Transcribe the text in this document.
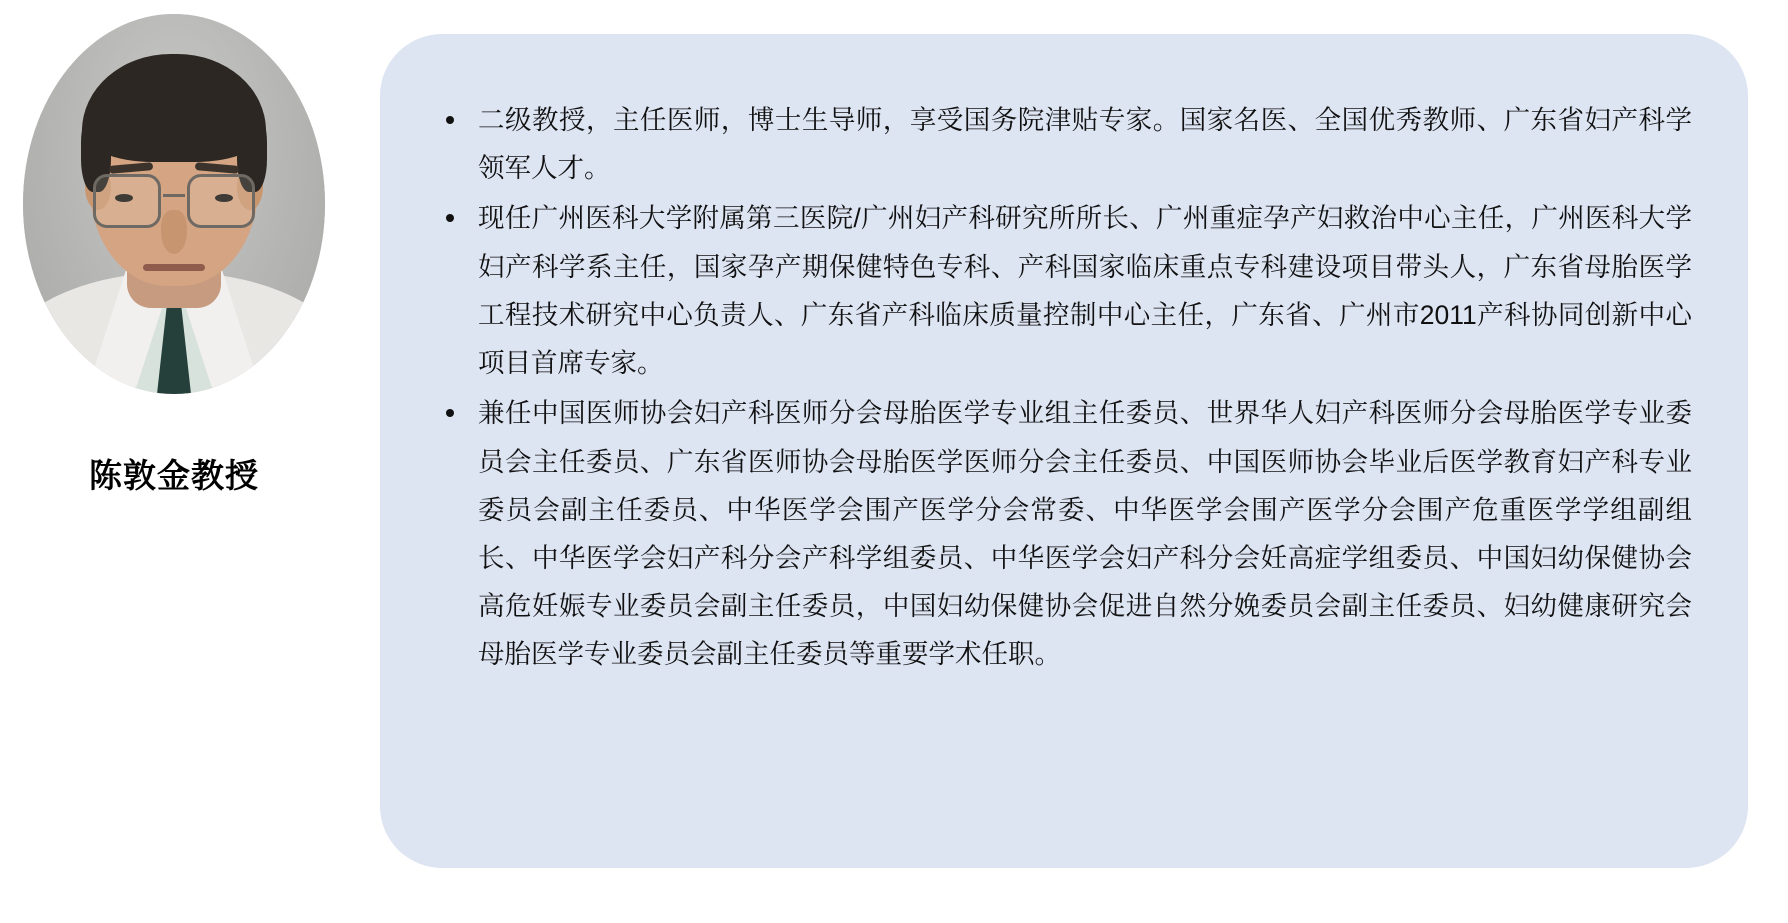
陈敦金教授
二级教授，主任医师，博士生导师，享受国务院津贴专家。国家名医、全国优秀教师、广东省妇产科学领军人才。
现任广州医科大学附属第三医院/广州妇产科研究所所长、广州重症孕产妇救治中心主任，广州医科大学妇产科学系主任，国家孕产期保健特色专科、产科国家临床重点专科建设项目带头人，广东省母胎医学工程技术研究中心负责人、广东省产科临床质量控制中心主任，广东省、广州市2011产科协同创新中心项目首席专家。
兼任中国医师协会妇产科医师分会母胎医学专业组主任委员、世界华人妇产科医师分会母胎医学专业委员会主任委员、广东省医师协会母胎医学医师分会主任委员、中国医师协会毕业后医学教育妇产科专业委员会副主任委员、中华医学会围产医学分会常委、中华医学会围产医学分会围产危重医学学组副组长、中华医学会妇产科分会产科学组委员、中华医学会妇产科分会妊高症学组委员、中国妇幼保健协会高危妊娠专业委员会副主任委员，中国妇幼保健协会促进自然分娩委员会副主任委员、妇幼健康研究会母胎医学专业委员会副主任委员等重要学术任职。
